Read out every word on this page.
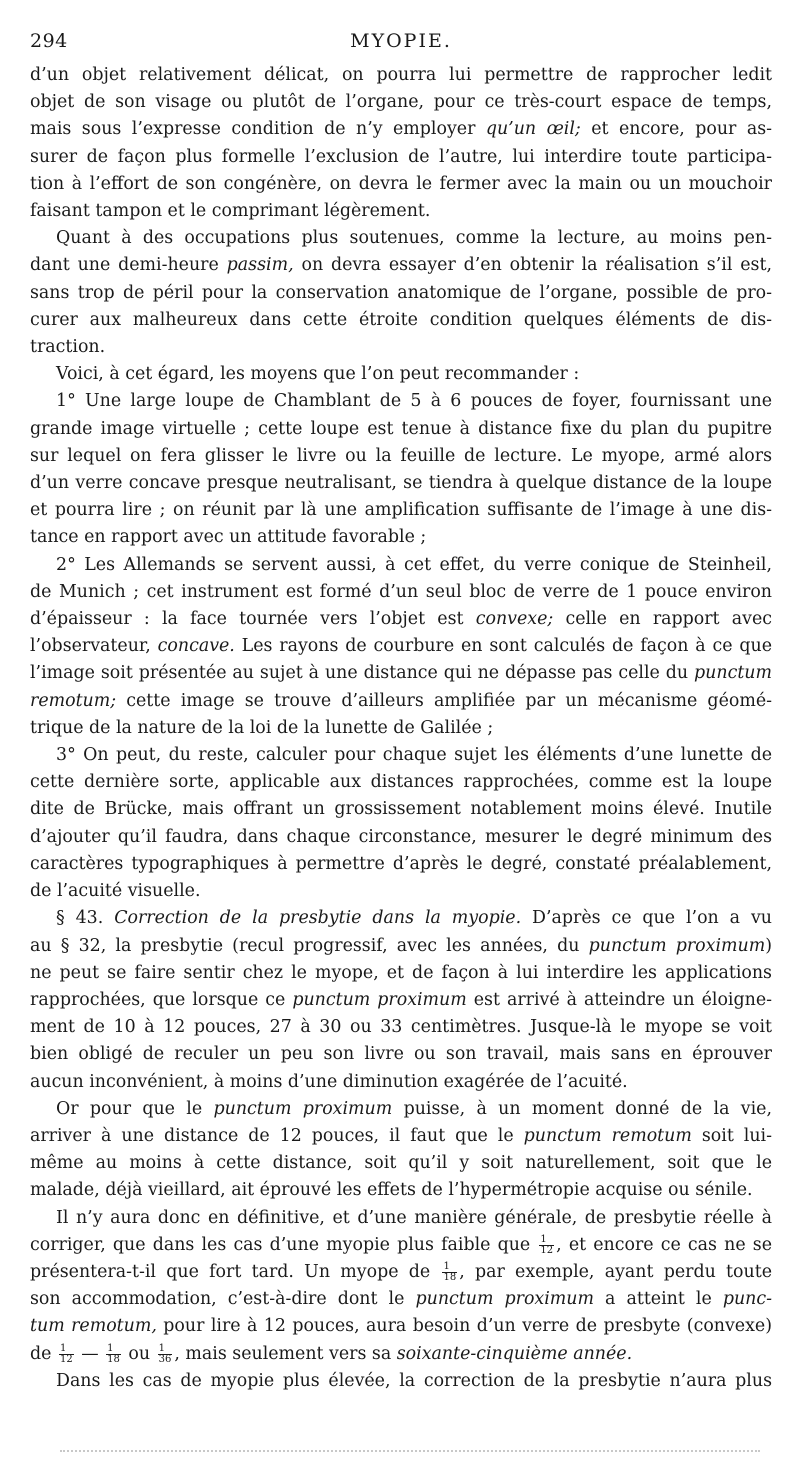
294	MYOPIE.
d’un objet relativement délicat, on pourra lui permettre de rapprocher ledit
objet de son visage ou plutôt de l’organe, pour ce très-court espace de temps,
mais sous l’expresse condition de n’y employer qu’un œil; et encore, pour as-
surer de façon plus formelle l’exclusion de l’autre, lui interdire toute participa-
tion à l’effort de son congénère, on devra le fermer avec la main ou un mouchoir
faisant tampon et le comprimant légèrement.
Quant à des occupations plus soutenues, comme la lecture, au moins pen-
dant une demi-heure passim, on devra essayer d’en obtenir la réalisation s’il est,
sans trop de péril pour la conservation anatomique de l’organe, possible de pro-
curer aux malheureux dans cette étroite condition quelques éléments de dis-
traction.
Voici, à cet égard, les moyens que l’on peut recommander :
1° Une large loupe de Chamblant de 5 à 6 pouces de foyer, fournissant une
grande image virtuelle ; cette loupe est tenue à distance fixe du plan du pupitre
sur lequel on fera glisser le livre ou la feuille de lecture. Le myope, armé alors
d’un verre concave presque neutralisant, se tiendra à quelque distance de la loupe
et pourra lire ; on réunit par là une amplification suffisante de l’image à une dis-
tance en rapport avec un attitude favorable ;
2° Les Allemands se servent aussi, à cet effet, du verre conique de Steinheil,
de Munich ; cet instrument est formé d’un seul bloc de verre de 1 pouce environ
d’épaisseur : la face tournée vers l’objet est convexe; celle en rapport avec
l’observateur, concave. Les rayons de courbure en sont calculés de façon à ce que
l’image soit présentée au sujet à une distance qui ne dépasse pas celle du punctum
remotum; cette image se trouve d’ailleurs amplifiée par un mécanisme géomé-
trique de la nature de la loi de la lunette de Galilée ;
3° On peut, du reste, calculer pour chaque sujet les éléments d’une lunette de
cette dernière sorte, applicable aux distances rapprochées, comme est la loupe
dite de Brücke, mais offrant un grossissement notablement moins élevé. Inutile
d’ajouter qu’il faudra, dans chaque circonstance, mesurer le degré minimum des
caractères typographiques à permettre d’après le degré, constaté préalablement,
de l’acuité visuelle.
§ 43. Correction de la presbytie dans la myopie. D’après ce que l’on a vu
au § 32, la presbytie (recul progressif, avec les années, du punctum proximum)
ne peut se faire sentir chez le myope, et de façon à lui interdire les applications
rapprochées, que lorsque ce punctum proximum est arrivé à atteindre un éloigne-
ment de 10 à 12 pouces, 27 à 30 ou 33 centimètres. Jusque-là le myope se voit
bien obligé de reculer un peu son livre ou son travail, mais sans en éprouver
aucun inconvénient, à moins d’une diminution exagérée de l’acuité.
Or pour que le punctum proximum puisse, à un moment donné de la vie,
arriver à une distance de 12 pouces, il faut que le punctum remotum soit lui-
même au moins à cette distance, soit qu’il y soit naturellement, soit que le
malade, déjà vieillard, ait éprouvé les effets de l’hypermétropie acquise ou sénile.
Il n’y aura donc en définitive, et d’une manière générale, de presbytie réelle à
corriger, que dans les cas d’une myopie plus faible que $\frac{1}{12}$ , et encore ce cas ne se
présentera-t-il que fort tard. Un myope de $\frac{1}{18}$ , par exemple, ayant perdu toute
son accommodation, c’est-à-dire dont le punctum proximum a atteint le punc-
tum remotum, pour lire à 12 pouces, aura besoin d’un verre de presbyte (convexe)
de $\frac{1}{12}$ — $\frac{1}{18}$ ou $\frac{1}{36}$ , mais seulement vers sa soixante-cinquième année.
Dans les cas de myopie plus élevée, la correction de la presbytie n’aura plus
